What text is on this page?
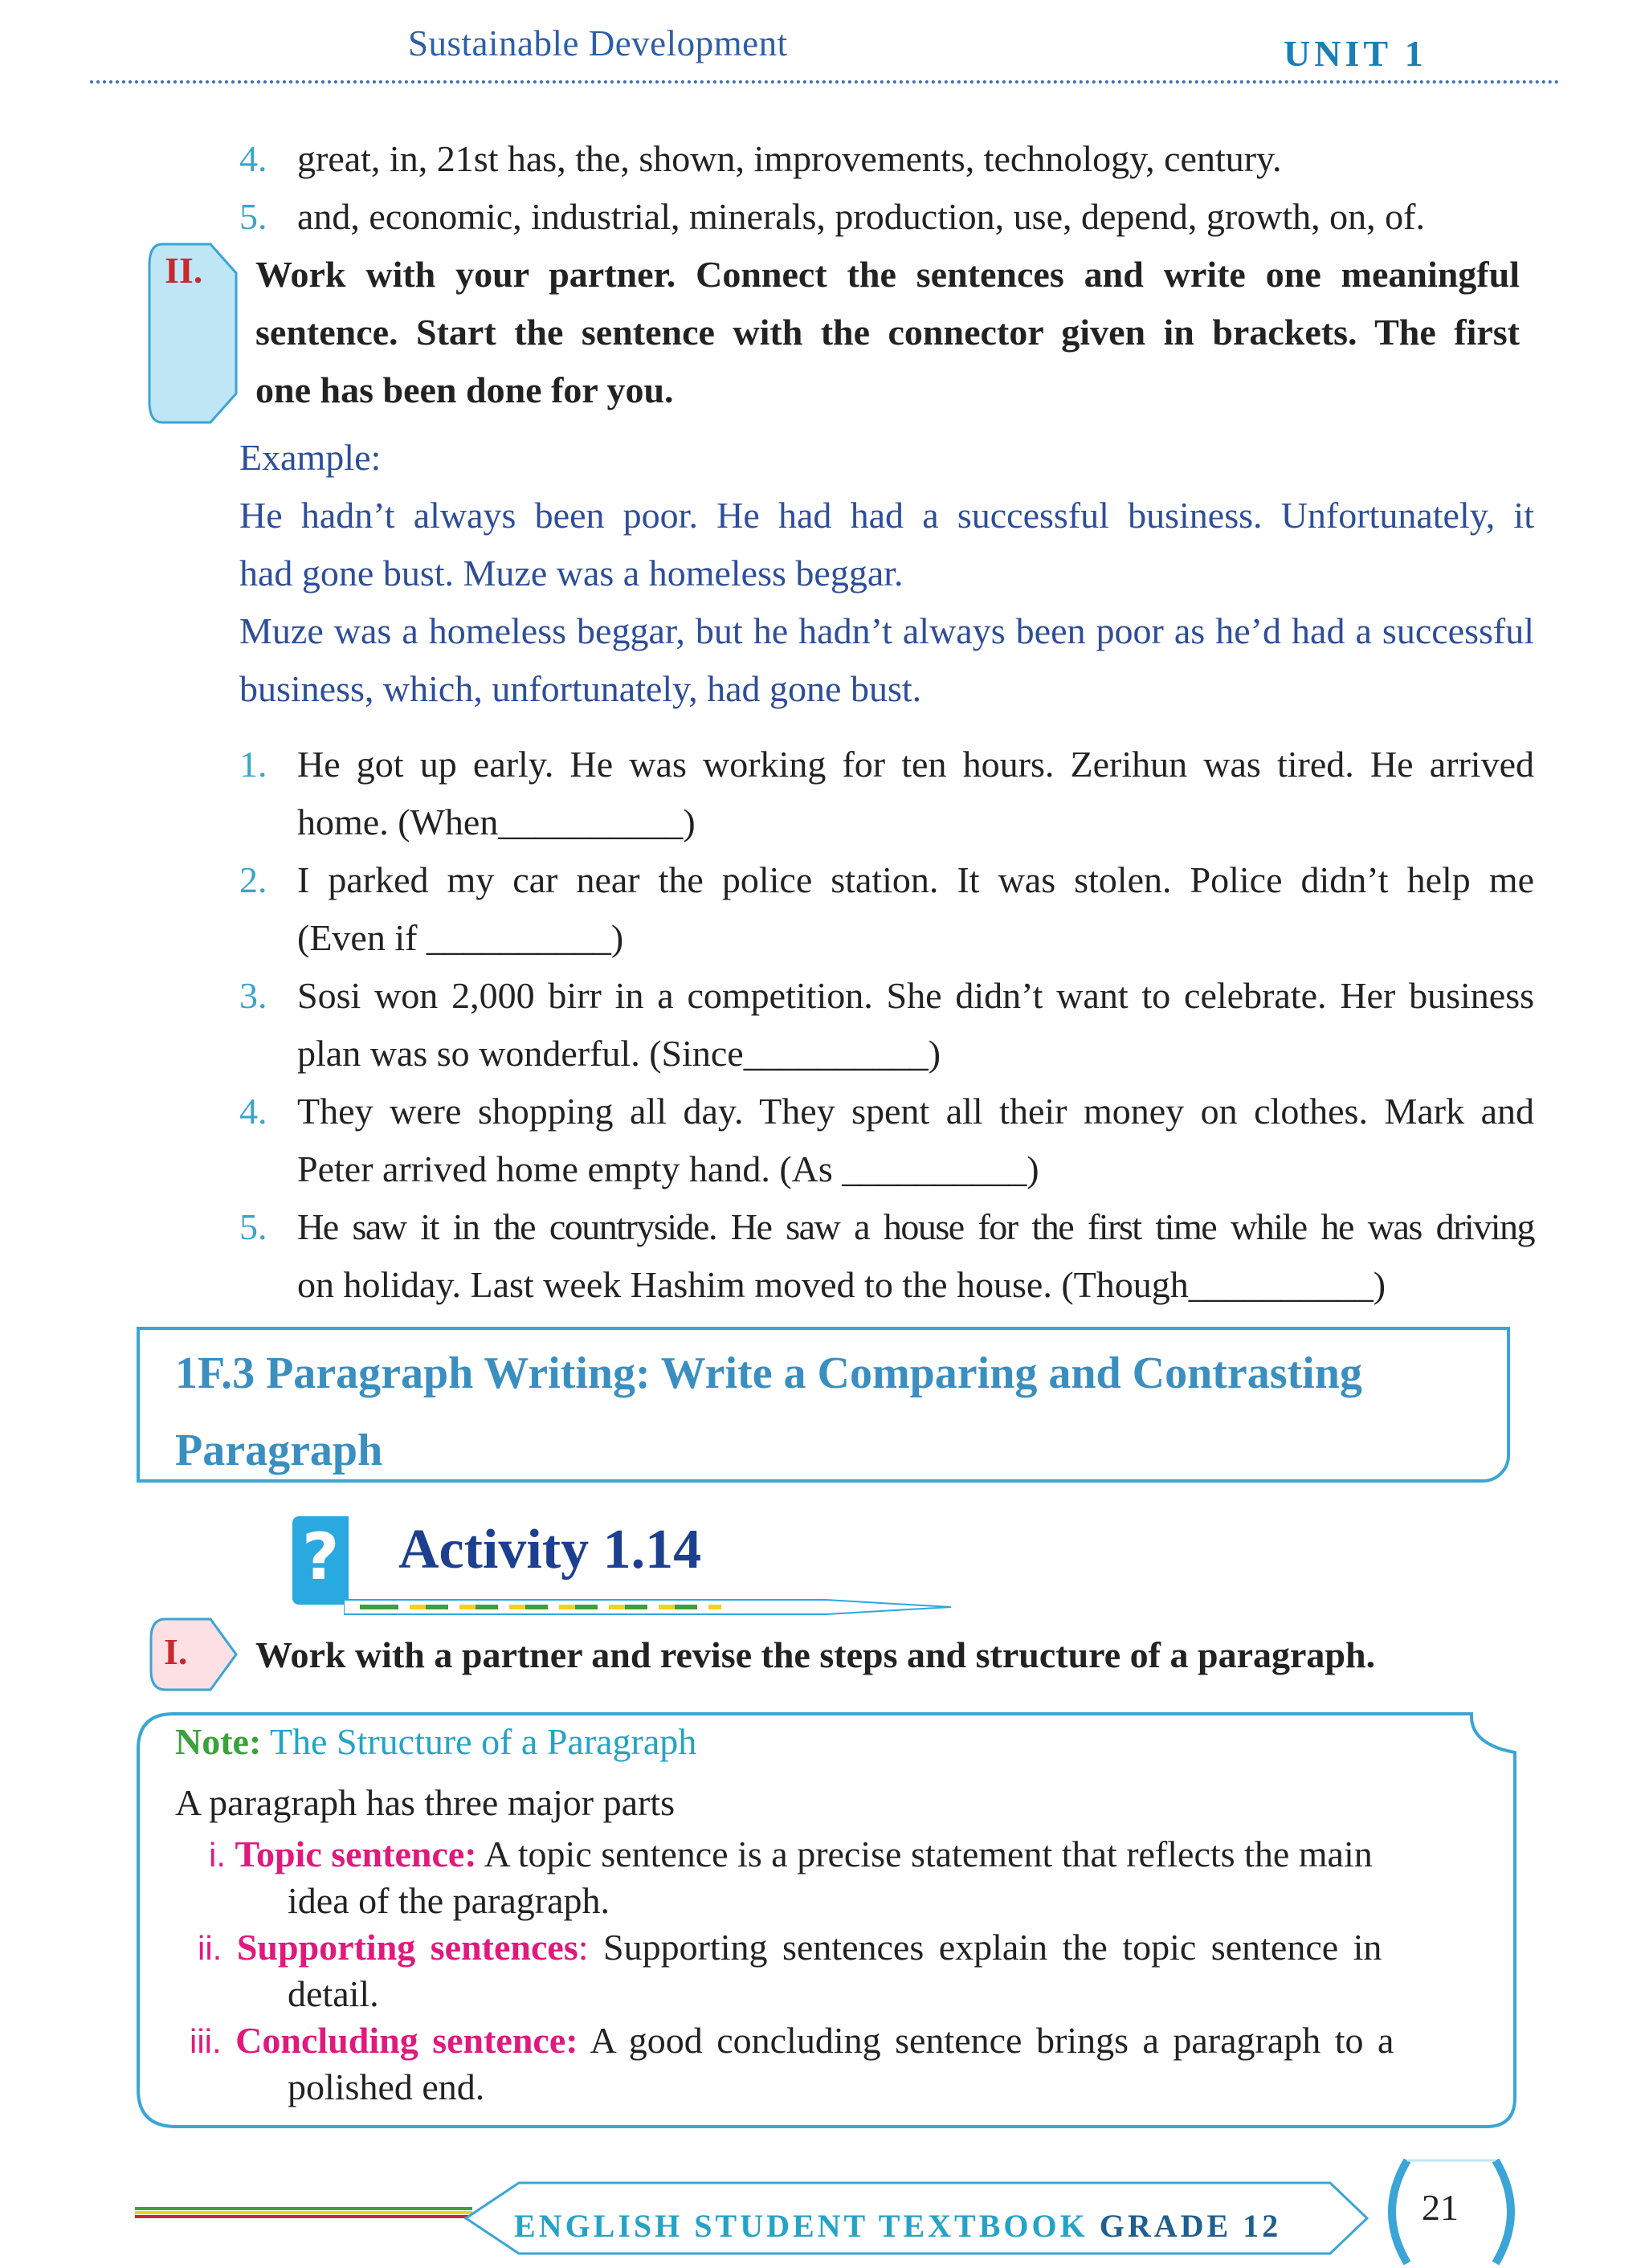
Sustainable Development	UNIT 1
4. great, in, 21st has, the, shown, improvements, technology, century.
5. and, economic, industrial, minerals, production, use, depend, growth, on, of.
II. Work with your partner. Connect the sentences and write one meaningful
sentence. Start the sentence with the connector given in brackets. The first
one has been done for you.
Example:
He hadn’t always been poor. He had had a successful business. Unfortunately, it
had gone bust. Muze was a homeless beggar.
Muze was a homeless beggar, but he hadn’t always been poor as he’d had a successful
business, which, unfortunately, had gone bust.
1. He got up early. He was working for ten hours. Zerihun was tired. He arrived
home. (When__________)
2. I parked my car near the police station. It was stolen. Police didn’t help me
(Even if __________)
3. Sosi won 2,000 birr in a competition. She didn’t want to celebrate. Her business
plan was so wonderful. (Since__________)
4. They were shopping all day. They spent all their money on clothes. Mark and
Peter arrived home empty hand. (As __________)
5. He saw it in the countryside. He saw a house for the first time while he was driving
on holiday. Last week Hashim moved to the house. (Though__________)
1F.3 Paragraph Writing: Write a Comparing and Contrasting
Paragraph
? Activity 1.14
I. Work with a partner and revise the steps and structure of a paragraph.
Note: The Structure of a Paragraph
A paragraph has three major parts
i. Topic sentence: A topic sentence is a precise statement that reflects the main
idea of the paragraph.
ii. Supporting sentences: Supporting sentences explain the topic sentence in
detail.
iii. Concluding sentence: A good concluding sentence brings a paragraph to a
polished end.
ENGLISH STUDENT TEXTBOOK GRADE 12	21
